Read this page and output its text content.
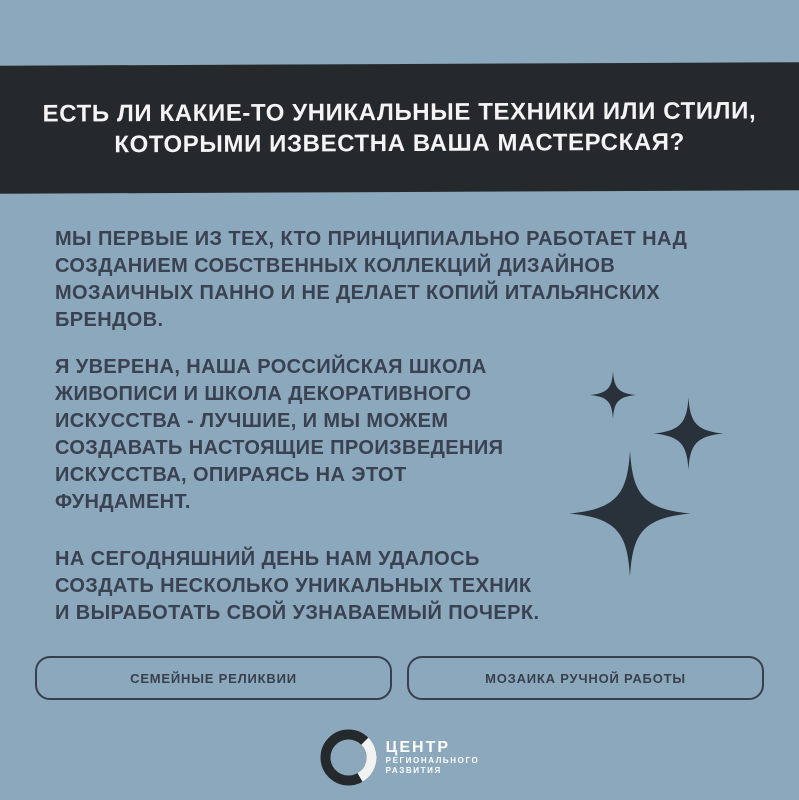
ЕСТЬ ЛИ КАКИЕ-ТО УНИКАЛЬНЫЕ ТЕХНИКИ ИЛИ СТИЛИ,
КОТОРЫМИ ИЗВЕСТНА ВАША МАСТЕРСКАЯ?
МЫ ПЕРВЫЕ ИЗ ТЕХ, КТО ПРИНЦИПИАЛЬНО РАБОТАЕТ НАД
СОЗДАНИЕМ СОБСТВЕННЫХ КОЛЛЕКЦИЙ ДИЗАЙНОВ
МОЗАИЧНЫХ ПАННО И НЕ ДЕЛАЕТ КОПИЙ ИТАЛЬЯНСКИХ
БРЕНДОВ.
Я УВЕРЕНА, НАША РОССИЙСКАЯ ШКОЛА
ЖИВОПИСИ И ШКОЛА ДЕКОРАТИВНОГО
ИСКУССТВА - ЛУЧШИЕ, И МЫ МОЖЕМ
СОЗДАВАТЬ НАСТОЯЩИЕ ПРОИЗВЕДЕНИЯ
ИСКУССТВА, ОПИРАЯСЬ НА ЭТОТ
ФУНДАМЕНТ.
НА СЕГОДНЯШНИЙ ДЕНЬ НАМ УДАЛОСЬ
СОЗДАТЬ НЕСКОЛЬКО УНИКАЛЬНЫХ ТЕХНИК
И ВЫРАБОТАТЬ СВОЙ УЗНАВАЕМЫЙ ПОЧЕРК.
СЕМЕЙНЫЕ РЕЛИКВИИ	МОЗАИКА РУЧНОЙ РАБОТЫ
ЦЕНТР
РЕГИОНАЛЬНОГО
РАЗВИТИЯ
